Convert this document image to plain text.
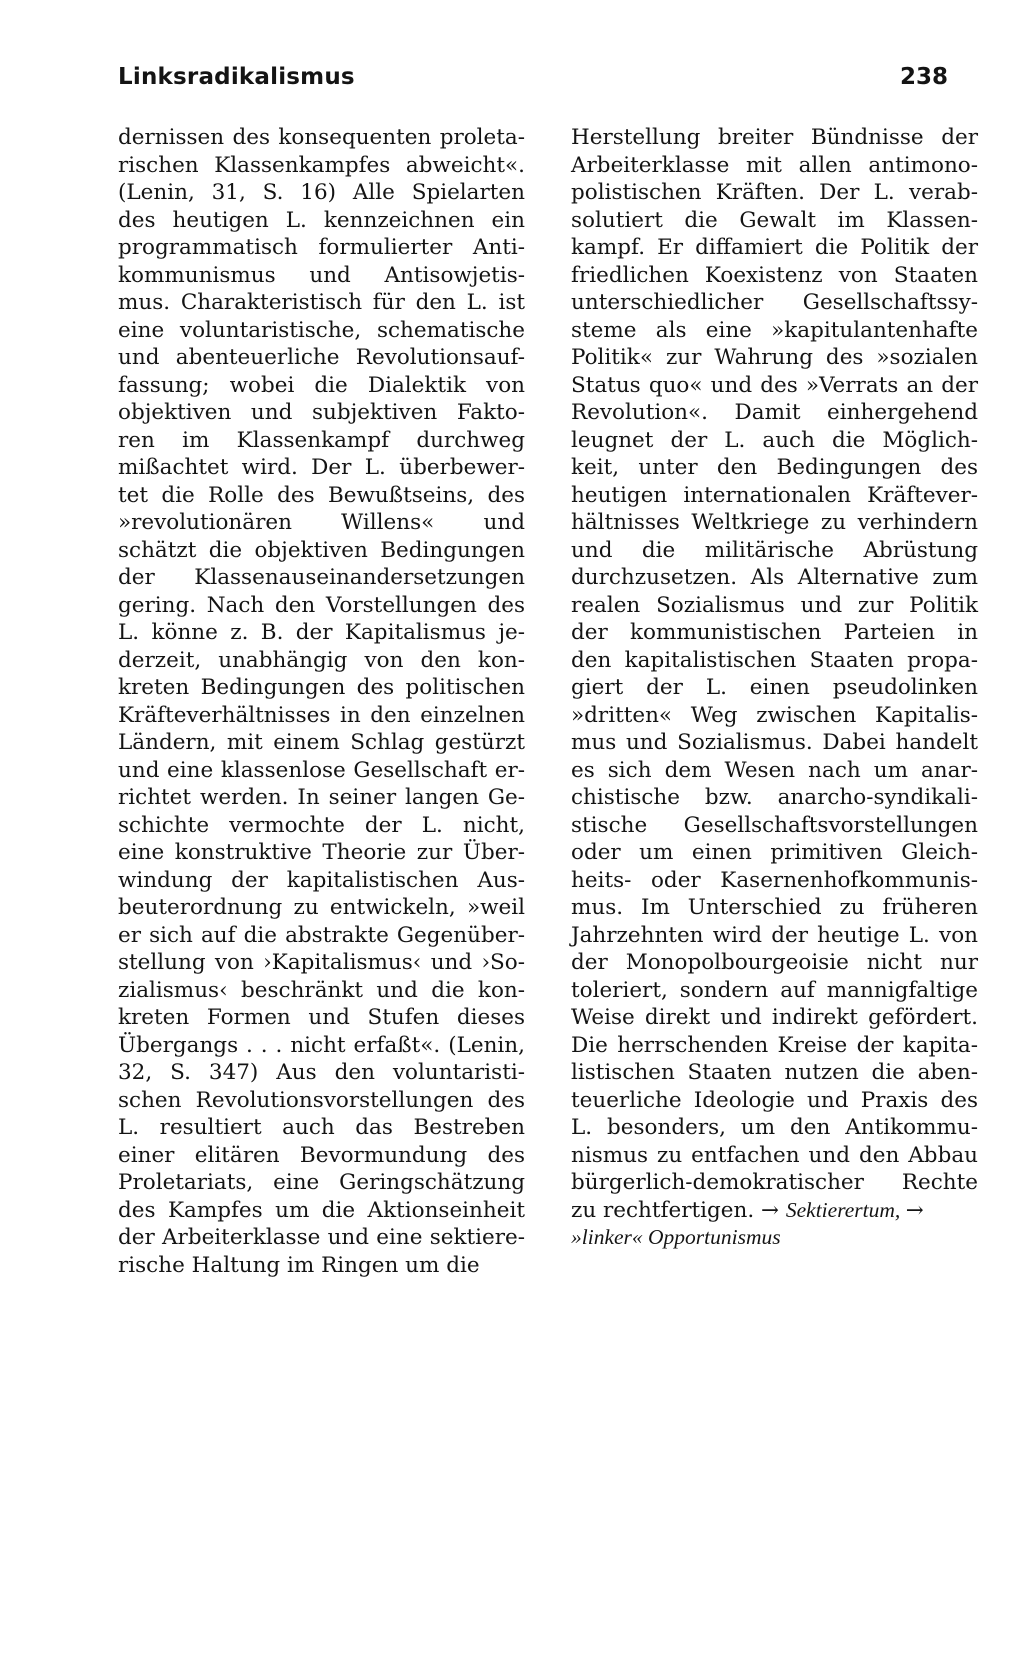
Linksradikalismus	238
dernissen des konsequenten proleta-
rischen Klassenkampfes abweicht«.
(Lenin, 31, S. 16) Alle Spielarten
des heutigen L. kennzeichnen ein
programmatisch formulierter Anti-
kommunismus und Antisowjetis-
mus. Charakteristisch für den L. ist
eine voluntaristische, schematische
und abenteuerliche Revolutionsauf-
fassung; wobei die Dialektik von
objektiven und subjektiven Fakto-
ren im Klassenkampf durchweg
mißachtet wird. Der L. überbewer-
tet die Rolle des Bewußtseins, des
»revolutionären Willens« und
schätzt die objektiven Bedingungen
der Klassenauseinandersetzungen
gering. Nach den Vorstellungen des
L. könne z. B. der Kapitalismus je-
derzeit, unabhängig von den kon-
kreten Bedingungen des politischen
Kräfteverhältnisses in den einzelnen
Ländern, mit einem Schlag gestürzt
und eine klassenlose Gesellschaft er-
richtet werden. In seiner langen Ge-
schichte vermochte der L. nicht,
eine konstruktive Theorie zur Über-
windung der kapitalistischen Aus-
beuterordnung zu entwickeln, »weil
er sich auf die abstrakte Gegenüber-
stellung von ›Kapitalismus‹ und ›So-
zialismus‹ beschränkt und die kon-
kreten Formen und Stufen dieses
Übergangs . . . nicht erfaßt«. (Lenin,
32, S. 347) Aus den voluntaristi-
schen Revolutionsvorstellungen des
L. resultiert auch das Bestreben
einer elitären Bevormundung des
Proletariats, eine Geringschätzung
des Kampfes um die Aktionseinheit
der Arbeiterklasse und eine sektiere-
rische Haltung im Ringen um die
Herstellung breiter Bündnisse der
Arbeiterklasse mit allen antimono-
polistischen Kräften. Der L. verab-
solutiert die Gewalt im Klassen-
kampf. Er diffamiert die Politik der
friedlichen Koexistenz von Staaten
unterschiedlicher Gesellschaftssy-
steme als eine »kapitulantenhafte
Politik« zur Wahrung des »sozialen
Status quo« und des »Verrats an der
Revolution«. Damit einhergehend
leugnet der L. auch die Möglich-
keit, unter den Bedingungen des
heutigen internationalen Kräftever-
hältnisses Weltkriege zu verhindern
und die militärische Abrüstung
durchzusetzen. Als Alternative zum
realen Sozialismus und zur Politik
der kommunistischen Parteien in
den kapitalistischen Staaten propa-
giert der L. einen pseudolinken
»dritten« Weg zwischen Kapitalis-
mus und Sozialismus. Dabei handelt
es sich dem Wesen nach um anar-
chistische bzw. anarcho-syndikali-
stische Gesellschaftsvorstellungen
oder um einen primitiven Gleich-
heits- oder Kasernenhofkommunis-
mus. Im Unterschied zu früheren
Jahrzehnten wird der heutige L. von
der Monopolbourgeoisie nicht nur
toleriert, sondern auf mannigfaltige
Weise direkt und indirekt gefördert.
Die herrschenden Kreise der kapita-
listischen Staaten nutzen die aben-
teuerliche Ideologie und Praxis des
L. besonders, um den Antikommu-
nismus zu entfachen und den Abbau
bürgerlich-demokratischer Rechte
zu rechtfertigen. → Sektierertum, →
»linker« Opportunismus
